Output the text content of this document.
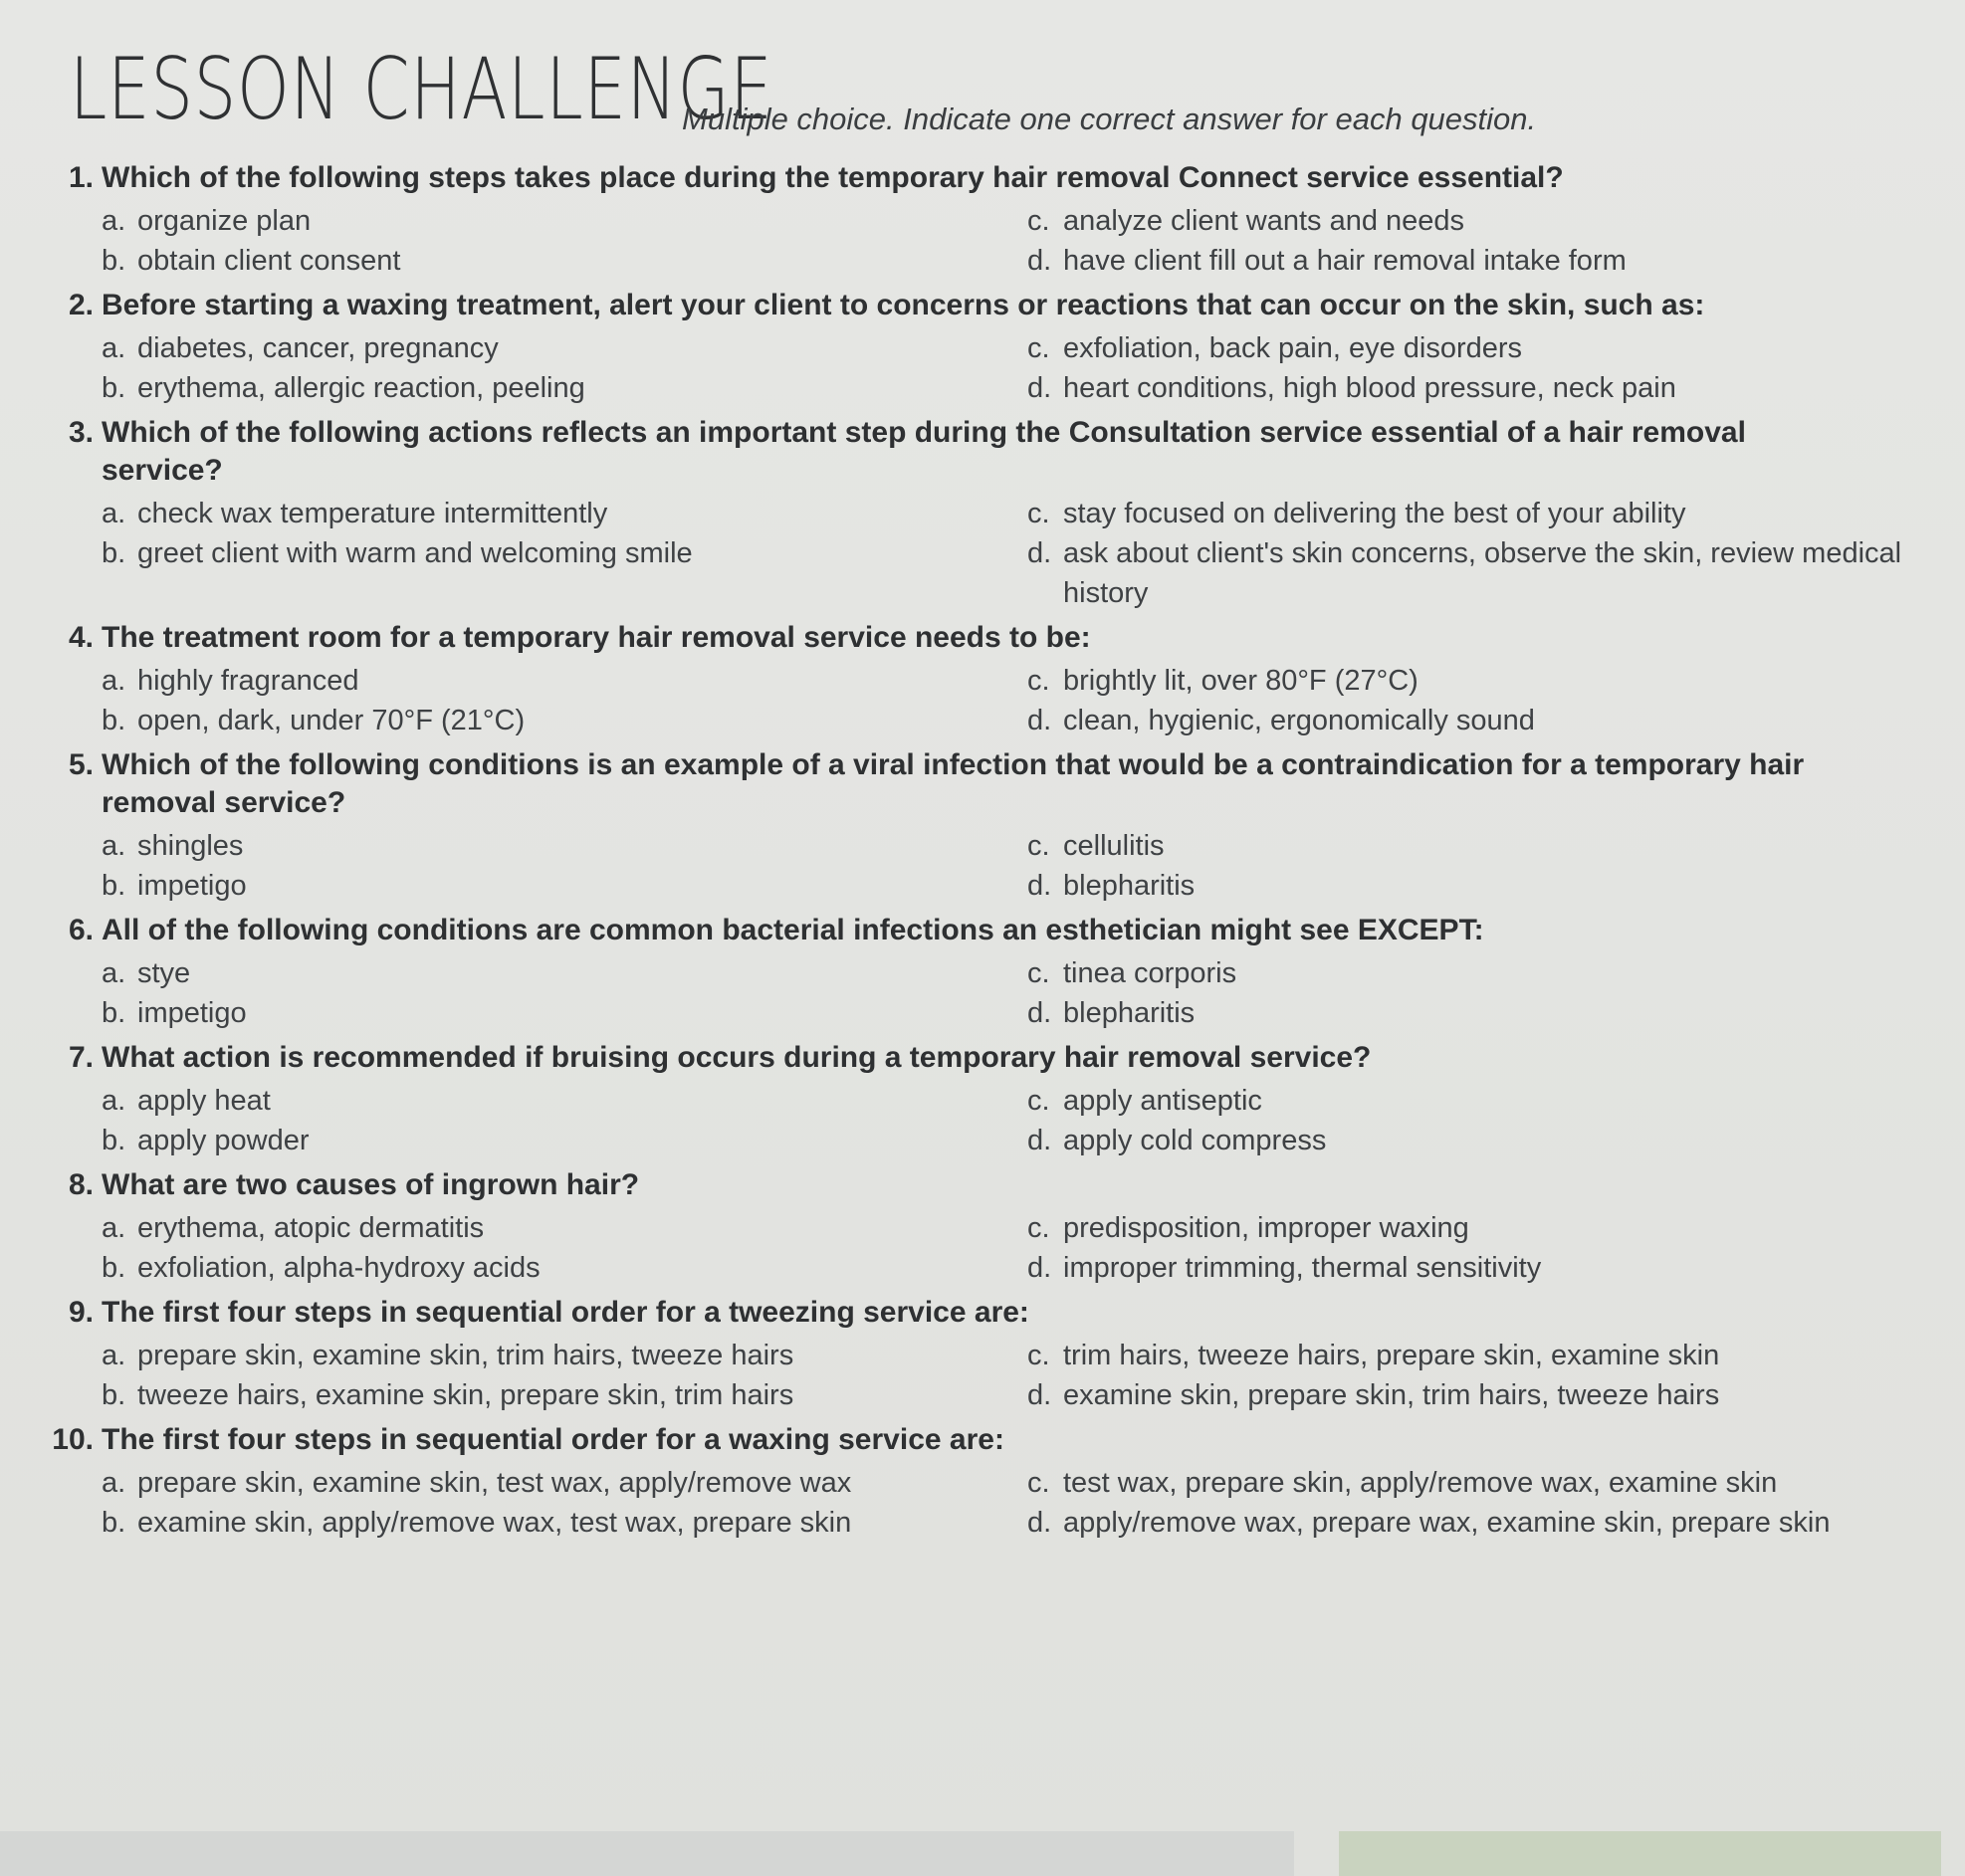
LESSON CHALLENGE
Multiple choice. Indicate one correct answer for each question.
1. Which of the following steps takes place during the temporary hair removal Connect service essential?
a. organize plan	c. analyze client wants and needs
b. obtain client consent	d. have client fill out a hair removal intake form
2. Before starting a waxing treatment, alert your client to concerns or reactions that can occur on the skin, such as:
a. diabetes, cancer, pregnancy	c. exfoliation, back pain, eye disorders
b. erythema, allergic reaction, peeling	d. heart conditions, high blood pressure, neck pain
3. Which of the following actions reflects an important step during the Consultation service essential of a hair removal service?
a. check wax temperature intermittently	c. stay focused on delivering the best of your ability
b. greet client with warm and welcoming smile	d. ask about client's skin concerns, observe the skin, review medical history
4. The treatment room for a temporary hair removal service needs to be:
a. highly fragranced	c. brightly lit, over 80°F (27°C)
b. open, dark, under 70°F (21°C)	d. clean, hygienic, ergonomically sound
5. Which of the following conditions is an example of a viral infection that would be a contraindication for a temporary hair removal service?
a. shingles	c. cellulitis
b. impetigo	d. blepharitis
6. All of the following conditions are common bacterial infections an esthetician might see EXCEPT:
a. stye	c. tinea corporis
b. impetigo	d. blepharitis
7. What action is recommended if bruising occurs during a temporary hair removal service?
a. apply heat	c. apply antiseptic
b. apply powder	d. apply cold compress
8. What are two causes of ingrown hair?
a. erythema, atopic dermatitis	c. predisposition, improper waxing
b. exfoliation, alpha-hydroxy acids	d. improper trimming, thermal sensitivity
9. The first four steps in sequential order for a tweezing service are:
a. prepare skin, examine skin, trim hairs, tweeze hairs	c. trim hairs, tweeze hairs, prepare skin, examine skin
b. tweeze hairs, examine skin, prepare skin, trim hairs	d. examine skin, prepare skin, trim hairs, tweeze hairs
10. The first four steps in sequential order for a waxing service are:
a. prepare skin, examine skin, test wax, apply/remove wax	c. test wax, prepare skin, apply/remove wax, examine skin
b. examine skin, apply/remove wax, test wax, prepare skin	d. apply/remove wax, prepare wax, examine skin, prepare skin
